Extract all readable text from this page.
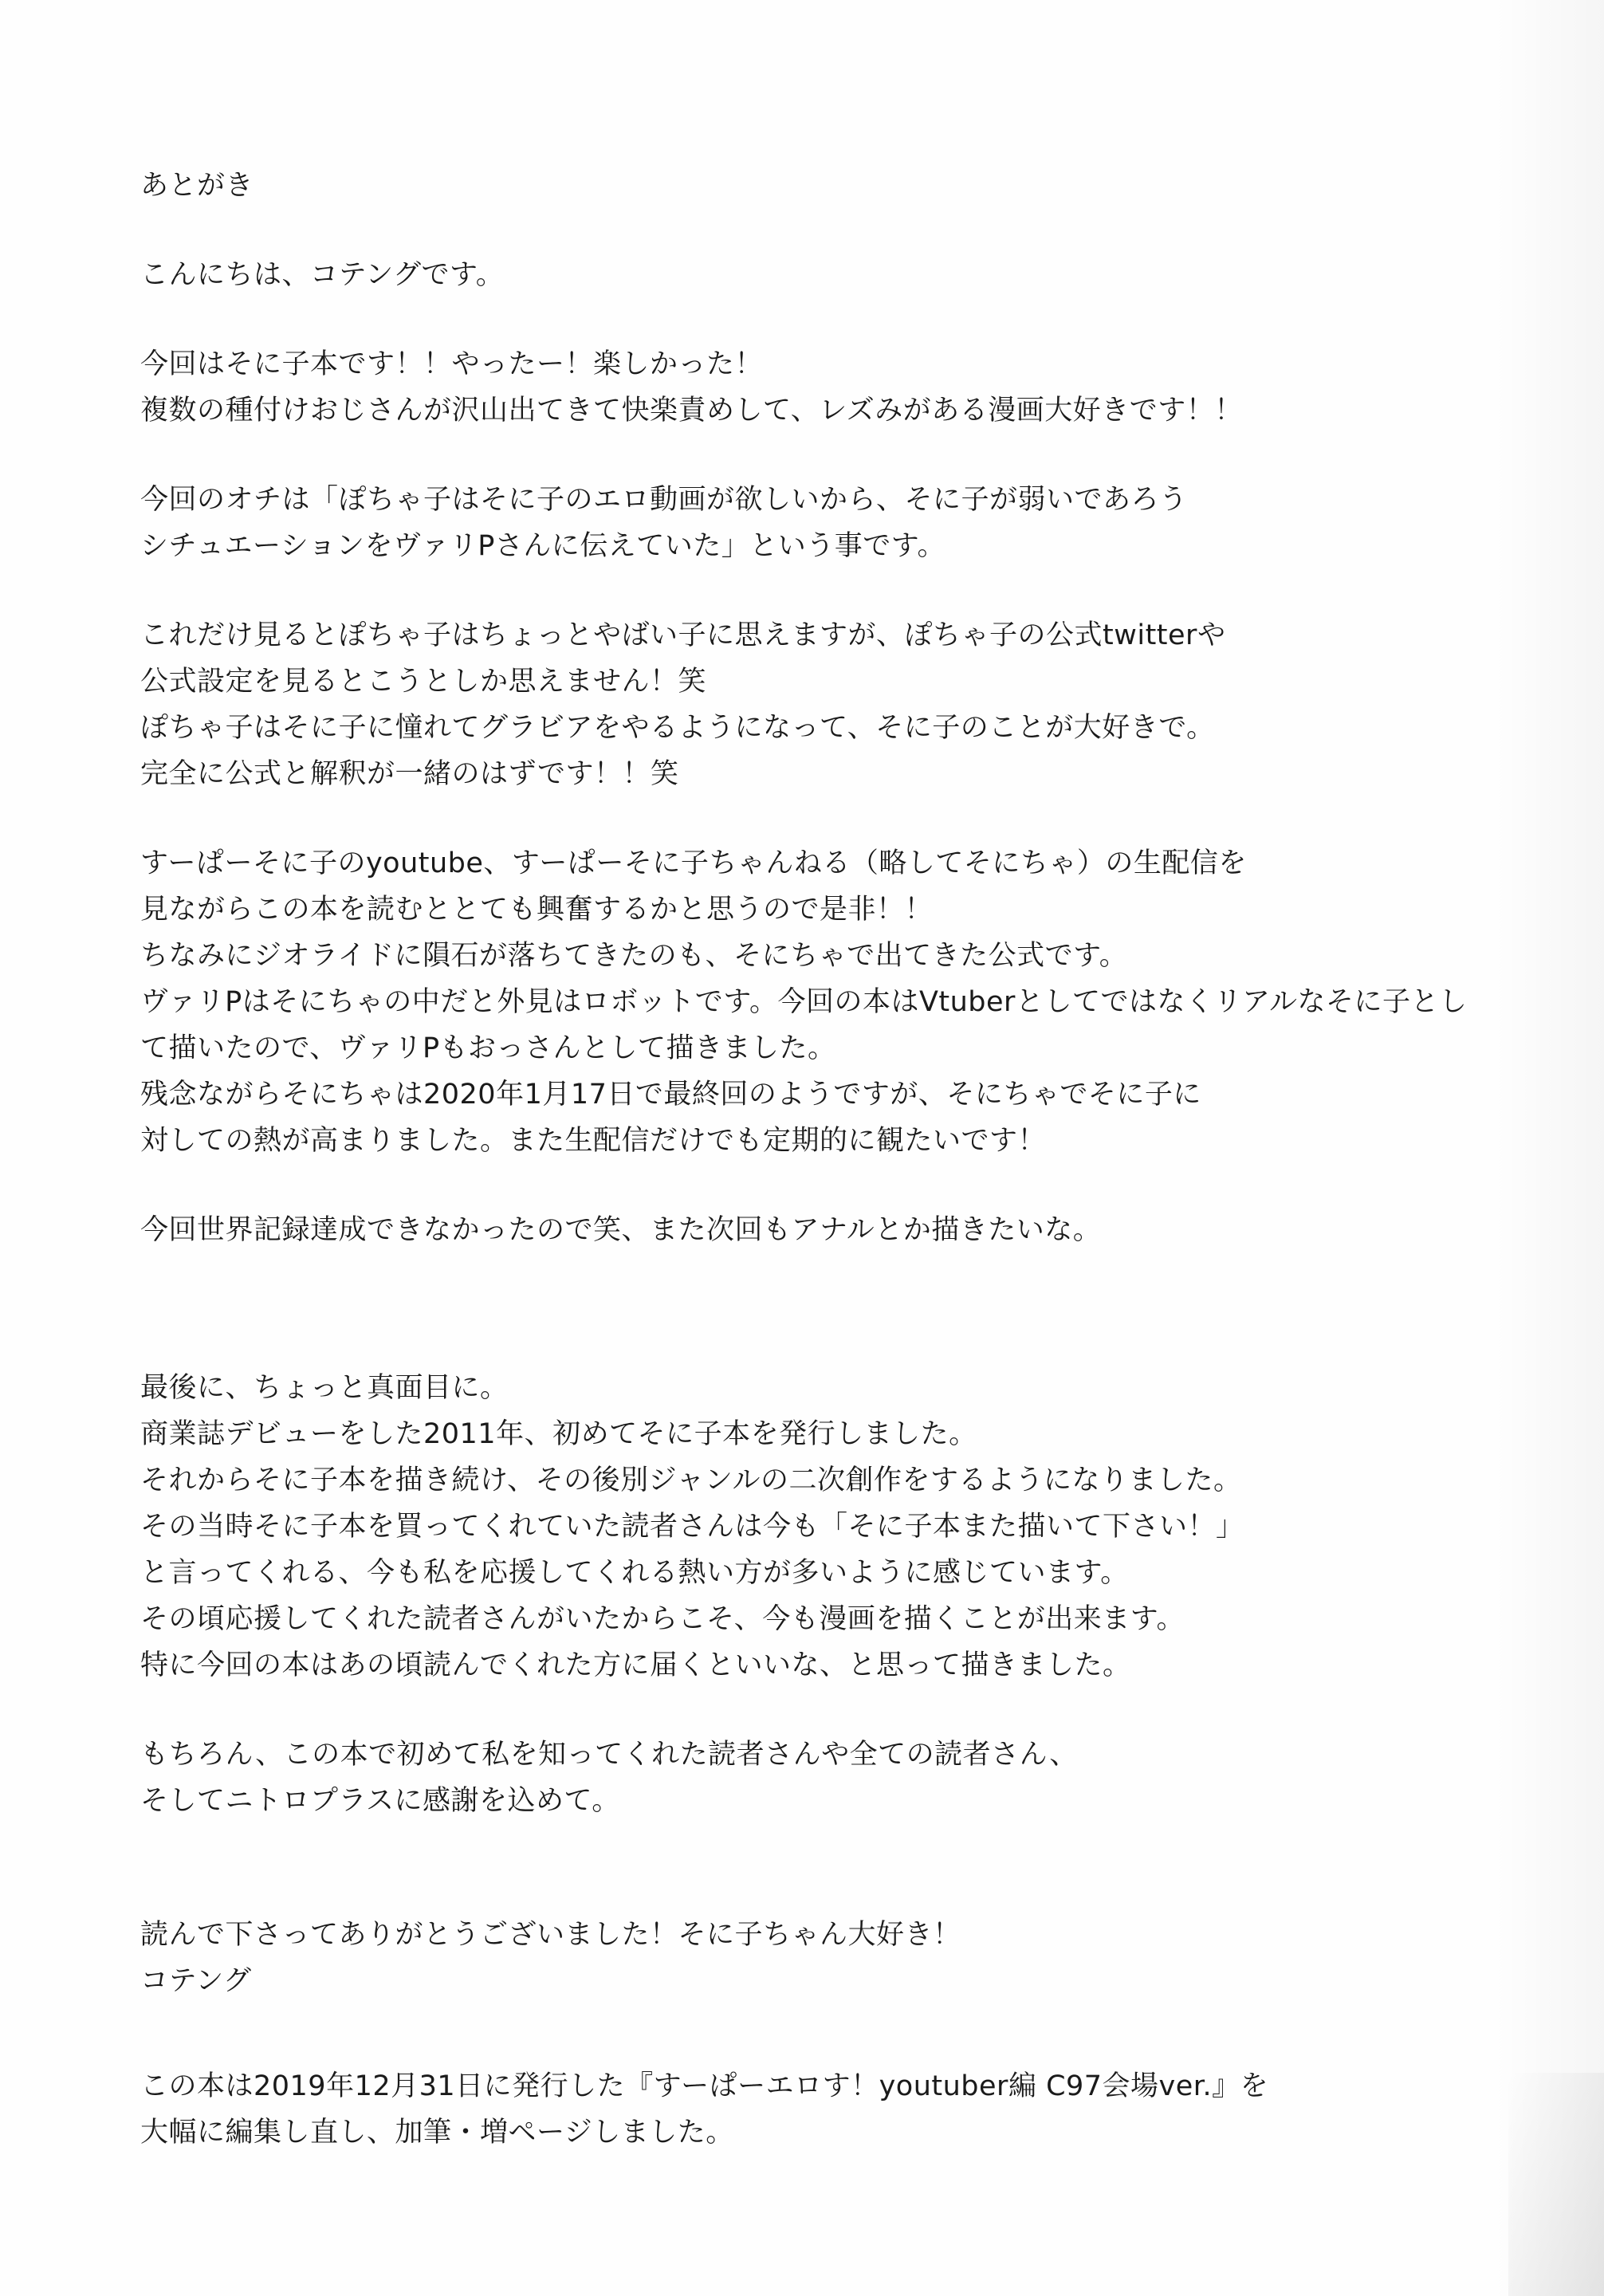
あとがき
こんにちは、コテングです。
今回はそに子本です！！やったー！楽しかった！
複数の種付けおじさんが沢山出てきて快楽責めして、レズみがある漫画大好きです！！
今回のオチは「ぽちゃ子はそに子のエロ動画が欲しいから、そに子が弱いであろう
シチュエーションをヴァリPさんに伝えていた」という事です。
これだけ見るとぽちゃ子はちょっとやばい子に思えますが、ぽちゃ子の公式twitterや
公式設定を見るとこうとしか思えません！笑
ぽちゃ子はそに子に憧れてグラビアをやるようになって、そに子のことが大好きで。
完全に公式と解釈が一緒のはずです！！笑
すーぱーそに子のyoutube、すーぱーそに子ちゃんねる（略してそにちゃ）の生配信を
見ながらこの本を読むととても興奮するかと思うので是非！！
ちなみにジオライドに隕石が落ちてきたのも、そにちゃで出てきた公式です。
ヴァリPはそにちゃの中だと外見はロボットです。今回の本はVtuberとしてではなくリアルなそに子として描いたので、ヴァリPもおっさんとして描きました。
残念ながらそにちゃは2020年1月17日で最終回のようですが、そにちゃでそに子に
対しての熱が高まりました。また生配信だけでも定期的に観たいです！
今回世界記録達成できなかったので笑、また次回もアナルとか描きたいな。
最後に、ちょっと真面目に。
商業誌デビューをした2011年、初めてそに子本を発行しました。
それからそに子本を描き続け、その後別ジャンルの二次創作をするようになりました。
その当時そに子本を買ってくれていた読者さんは今も「そに子本また描いて下さい！」
と言ってくれる、今も私を応援してくれる熱い方が多いように感じています。
その頃応援してくれた読者さんがいたからこそ、今も漫画を描くことが出来ます。
特に今回の本はあの頃読んでくれた方に届くといいな、と思って描きました。
もちろん、この本で初めて私を知ってくれた読者さんや全ての読者さん、
そしてニトロプラスに感謝を込めて。
読んで下さってありがとうございました！そに子ちゃん大好き！
コテング
この本は2019年12月31日に発行した『すーぱーエロす！youtuber編 C97会場ver.』を
大幅に編集し直し、加筆・増ページしました。
